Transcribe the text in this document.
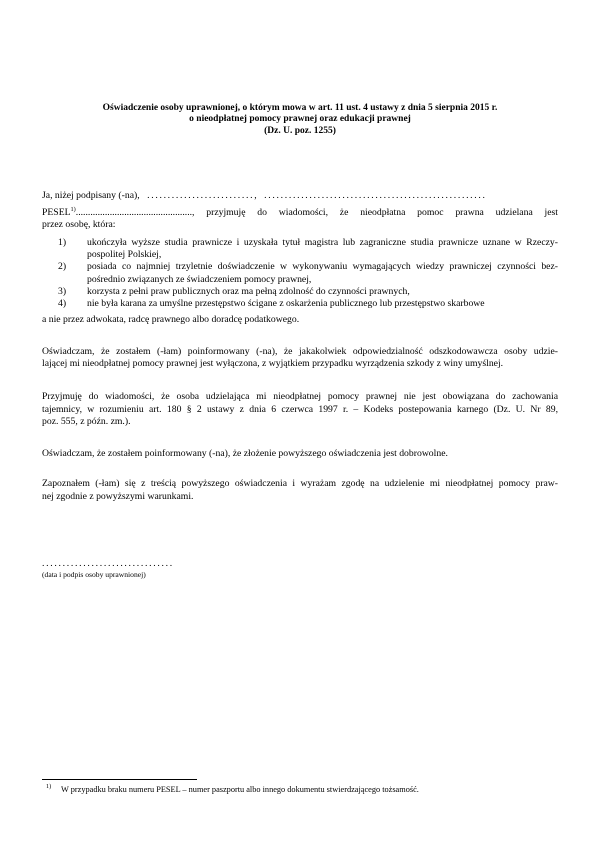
Oświadczenie osoby uprawnionej, o którym mowa w art. 11 ust. 4 ustawy z dnia 5 sierpnia 2015 r.
o nieodpłatnej pomocy prawnej oraz edukacji prawnej
(Dz. U. poz. 1255)
Ja, niżej podpisany (-na), .........................., ......................................................
PESEL$^{1)}$................................................, przyjmuję do wiadomości, że nieodpłatna pomoc prawna udzielana jest
przez osobę, która:
1)	ukończyła wyższe studia prawnicze i uzyskała tytuł magistra lub zagraniczne studia prawnicze uznane w Rzeczy-
pospolitej Polskiej,
2)	posiada co najmniej trzyletnie doświadczenie w wykonywaniu wymagających wiedzy prawniczej czynności bez-
pośrednio związanych ze świadczeniem pomocy prawnej,
3)	korzysta z pełni praw publicznych oraz ma pełną zdolność do czynności prawnych,
4)	nie była karana za umyślne przestępstwo ścigane z oskarżenia publicznego lub przestępstwo skarbowe
a nie przez adwokata, radcę prawnego albo doradcę podatkowego.
Oświadczam, że zostałem (-łam) poinformowany (-na), że jakakolwiek odpowiedzialność odszkodowawcza osoby udzie-
lającej mi nieodpłatnej pomocy prawnej jest wyłączona, z wyjątkiem przypadku wyrządzenia szkody z winy umyślnej.
Przyjmuję do wiadomości, że osoba udzielająca mi nieodpłatnej pomocy prawnej nie jest obowiązana do zachowania
tajemnicy, w rozumieniu art. 180 § 2 ustawy z dnia 6 czerwca 1997 r. – Kodeks postepowania karnego (Dz. U. Nr 89,
poz. 555, z późn. zm.).
Oświadczam, że zostałem poinformowany (-na), że złożenie powyższego oświadczenia jest dobrowolne.
Zapoznałem (-łam) się z treścią powyższego oświadczenia i wyrażam zgodę na udzielenie mi nieodpłatnej pomocy praw-
nej zgodnie z powyższymi warunkami.
................................
(data i podpis osoby uprawnionej)
$^{1)}$	W przypadku braku numeru PESEL – numer paszportu albo innego dokumentu stwierdzającego tożsamość.
